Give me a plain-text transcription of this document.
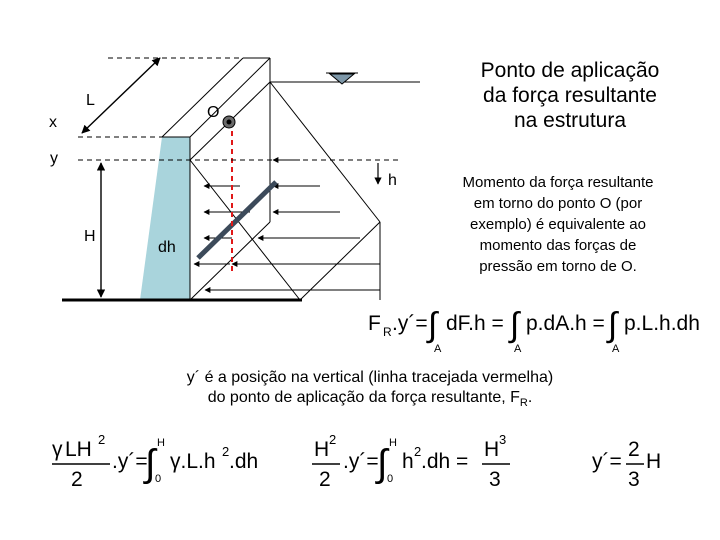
L
x
y
O
h
H
dh
Ponto de aplicação
da força resultante
na estrutura
Momento da força resultante
em torno do ponto O (por
exemplo) é equivalente ao
momento das forças de
pressão em torno de O.
F R .y´= ∫
A
dF.h = ∫
A
p.dA.h = ∫
A
p.L.h.dh
y´ é a posição na vertical (linha tracejada vermelha)
do ponto de aplicação da força resultante, $F_R$.
γ LH 2
2
.y´=
∫ H
0
γ.L.h 2 .dh
H 2
2
.y´=
∫ H
0
h 2 .dh =
H 3
3
y´=
2
3
H
